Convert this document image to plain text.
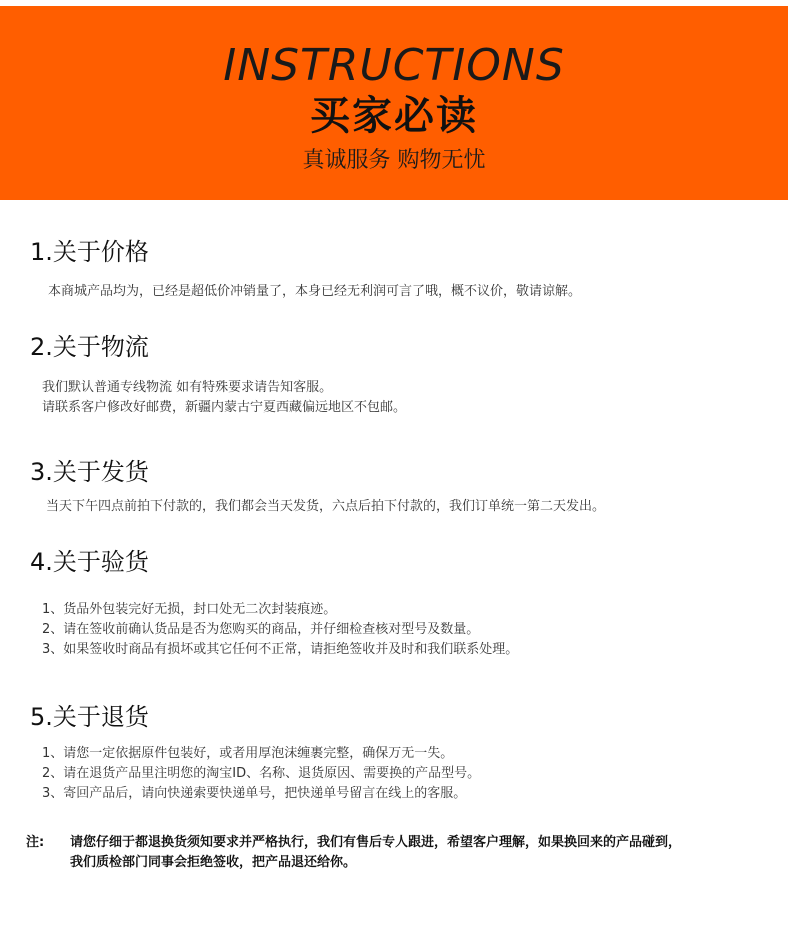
INSTRUCTIONS
买家必读
真诚服务 购物无忧
1.关于价格
本商城产品均为，已经是超低价冲销量了，本身已经无利润可言了哦，概不议价，敬请谅解。
2.关于物流
我们默认普通专线物流 如有特殊要求请告知客服。
请联系客户修改好邮费，新疆内蒙古宁夏西藏偏远地区不包邮。
3.关于发货
当天下午四点前拍下付款的，我们都会当天发货，六点后拍下付款的，我们订单统一第二天发出。
4.关于验货
1、货品外包装完好无损，封口处无二次封装痕迹。
2、请在签收前确认货品是否为您购买的商品，并仔细检查核对型号及数量。
3、如果签收时商品有损坏或其它任何不正常，请拒绝签收并及时和我们联系处理。
5.关于退货
1、请您一定依据原件包装好，或者用厚泡沫缠裹完整，确保万无一失。
2、请在退货产品里注明您的淘宝ID、名称、退货原因、需要换的产品型号。
3、寄回产品后，请向快递索要快递单号，把快递单号留言在线上的客服。
注: 请您仔细于都退换货须知要求并严格执行，我们有售后专人跟进，希望客户理解，如果换回来的产品碰到，
我们质检部门同事会拒绝签收，把产品退还给你。
